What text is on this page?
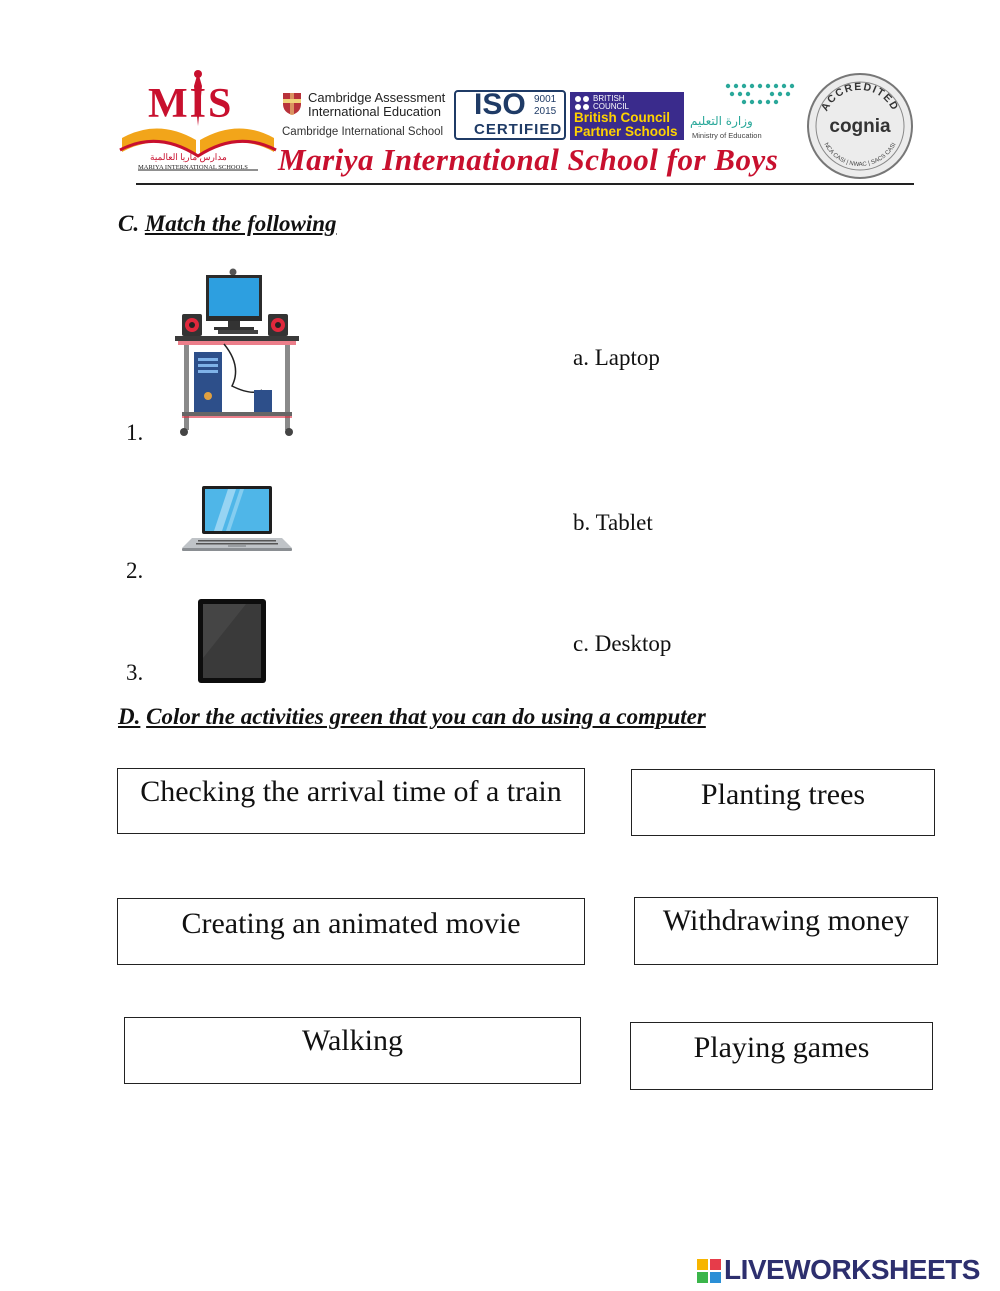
MIS
مدارس ماريا العالمية
MARIYA INTERNATIONAL SCHOOLS
Cambridge Assessment
International Education
Cambridge International School
ISO 9001
2015
CERTIFIED
BRITISH
COUNCIL
British Council
Partner Schools
وزارة التعليم
Ministry of Education
ACCREDITED
cognia
NCA CASI | NWAC | SACS CASI
Mariya International School for Boys
C. Match the following
1.
2.
3.
a. Laptop
b. Tablet
c. Desktop
D. Color the activities green that you can do using a computer
Checking the arrival time of a train	Planting trees
Creating an animated movie	Withdrawing money
Walking	Playing games
LIVEWORKSHEETS
